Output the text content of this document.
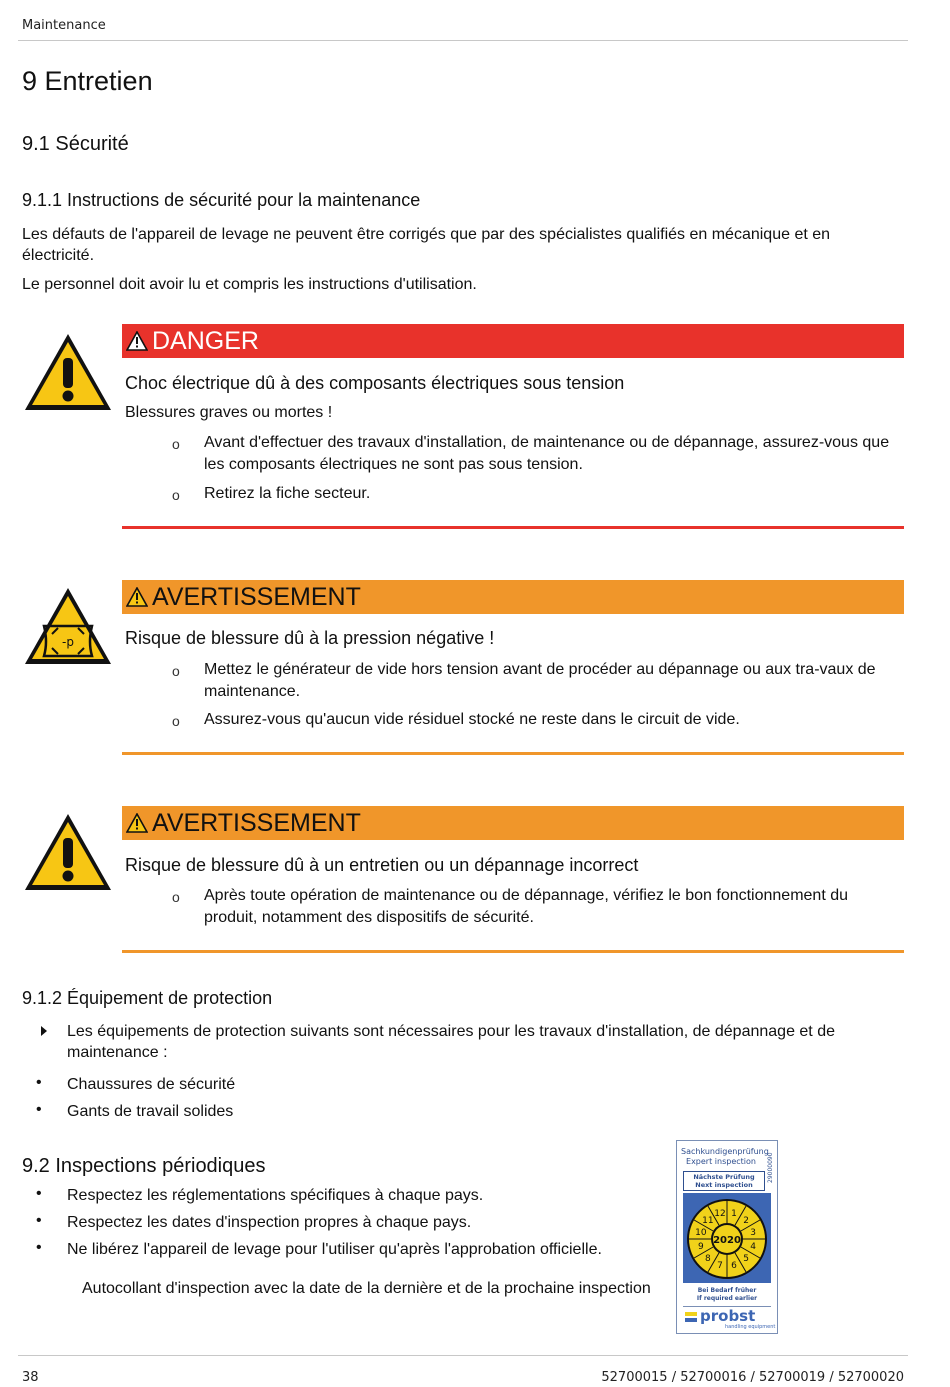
Maintenance
9 Entretien
9.1 Sécurité
9.1.1 Instructions de sécurité pour la maintenance
Les défauts de l'appareil de levage ne peuvent être corrigés que par des spécialistes qualifiés en mécanique et en électricité.
Le personnel doit avoir lu et compris les instructions d'utilisation.
DANGER
Choc électrique dû à des composants électriques sous tension
Blessures graves ou mortes !
o Avant d'effectuer des travaux d'installation, de maintenance ou de dépannage, assurez-vous que les composants électriques ne sont pas sous tension.
o Retirez la fiche secteur.
-p
AVERTISSEMENT
Risque de blessure dû à la pression négative !
o Mettez le générateur de vide hors tension avant de procéder au dépannage ou aux tra-vaux de maintenance.
o Assurez-vous qu'aucun vide résiduel stocké ne reste dans le circuit de vide.
AVERTISSEMENT
Risque de blessure dû à un entretien ou un dépannage incorrect
o Après toute opération de maintenance ou de dépannage, vérifiez le bon fonctionnement du produit, notamment des dispositifs de sécurité.
9.1.2 Équipement de protection
Les équipements de protection suivants sont nécessaires pour les travaux d'installation, de dépannage et de maintenance :
• Chaussures de sécurité
• Gants de travail solides
9.2 Inspections périodiques
• Respectez les réglementations spécifiques à chaque pays.
• Respectez les dates d'inspection propres à chaque pays.
• Ne libérez l'appareil de levage pour l'utiliser qu'après l'approbation officielle.
Autocollant d'inspection avec la date de la dernière et de la prochaine inspection
Sachkundigenprüfung
Expert inspection	29000090
Nächste Prüfung
Next inspection
1
2
3
4
5
6
7
8
9
10
11
12
2020
Bei Bedarf früher
If required earlier
probst
handling equipment
38	52700015 / 52700016 / 52700019 / 52700020
